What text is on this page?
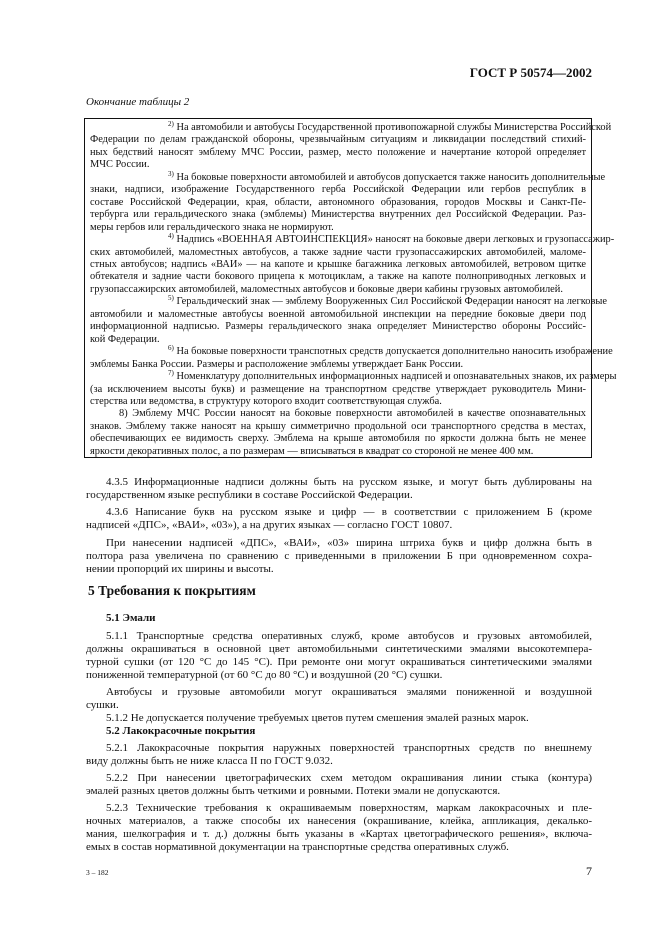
ГОСТ Р 50574—2002
Окончание таблицы 2
$^{2)}$ На автомобили и автобусы Государственной противопожарной службы Министерства Российской
Федерации по делам гражданской обороны, чрезвычайным ситуациям и ликвидации последствий стихий-
ных бедствий наносят эмблему МЧС России, размер, место положение и начертание которой определяет
МЧС России.
$^{3)}$ На боковые поверхности автомобилей и автобусов допускается также наносить дополнительные
знаки, надписи, изображение Государственного герба Российской Федерации или гербов республик в
составе Российской Федерации, края, области, автономного образования, городов Москвы и Санкт-Пе-
тербурга или геральдического знака (эмблемы) Министерства внутренних дел Российской Федерации. Раз-
меры гербов или геральдического знака не нормируют.
$^{4)}$ Надпись «ВОЕННАЯ АВТОИНСПЕКЦИЯ» наносят на боковые двери легковых и грузопассажир-
ских автомобилей, маломестных автобусов, а также задние части грузопассажирских автомобилей, маломе-
стных автобусов; надпись «ВАИ» — на капоте и крышке багажника легковых автомобилей, ветровом щитке
обтекателя и задние части бокового прицепа к мотоциклам, а также на капоте полноприводных легковых и
грузопассажирских автомобилей, маломестных автобусов и боковые двери кабины грузовых автомобилей.
$^{5)}$ Геральдический знак — эмблему Вооруженных Сил Российской Федерации наносят на легковые
автомобили и маломестные автобусы военной автомобильной инспекции на передние боковые двери под
информационной надписью. Размеры геральдического знака определяет Министерство обороны Российс-
кой Федерации.
$^{6)}$ На боковые поверхности транспотных средств допускается дополнительно наносить изображение
эмблемы Банка России. Размеры и расположение эмблемы утверждает Банк России.
$^{7)}$ Номенклатуру дополнительных информационных надписей и опознавательных знаков, их размеры
(за исключением высоты букв) и размещение на транспортном средстве утверждает руководитель Мини-
стерства или ведомства, в структуру которого входит соответствующая служба.
8) Эмблему МЧС России наносят на боковые поверхности автомобилей в качестве опознавательных
знаков. Эмблему также наносят на крышу симметрично продольной оси транспортного средства в местах,
обеспечивающих ее видимость сверху. Эмблема на крыше автомобиля по яркости должна быть не менее
яркости декоративных полос, а по размерам — вписываться в квадрат со стороной не менее 400 мм.
4.3.5 Информационные надписи должны быть на русском языке, и могут быть дублированы на
государственном языке республики в составе Российской Федерации.
4.3.6 Написание букв на русском языке и цифр — в соответствии с приложением Б (кроме
надписей «ДПС», «ВАИ», «03»), а на других языках — согласно ГОСТ 10807.
При нанесении надписей «ДПС», «ВАИ», «03» ширина штриха букв и цифр должна быть в
полтора раза увеличена по сравнению с приведенными в приложении Б при одновременном сохра-
нении пропорций их ширины и высоты.
5 Требования к покрытиям
5.1 Эмали
5.1.1 Транспортные средства оперативных служб, кроме автобусов и грузовых автомобилей,
должны окрашиваться в основной цвет автомобильными синтетическими эмалями высокотемпера-
турной сушки (от 120 °С до 145 °С). При ремонте они могут окрашиваться синтетическими эмалями
пониженной температурной (от 60 °С до 80 °С) и воздушной (20 °С) сушки.
Автобусы и грузовые автомобили могут окрашиваться эмалями пониженной и воздушной
сушки.
5.1.2 Не допускается получение требуемых цветов путем смешения эмалей разных марок.
5.2 Лакокрасочные покрытия
5.2.1 Лакокрасочные покрытия наружных поверхностей транспортных средств по внешнему
виду должны быть не ниже класса II по ГОСТ 9.032.
5.2.2 При нанесении цветографических схем методом окрашивания линии стыка (контура)
эмалей разных цветов должны быть четкими и ровными. Потеки эмали не допускаются.
5.2.3 Технические требования к окрашиваемым поверхностям, маркам лакокрасочных и пле-
ночных материалов, а также способы их нанесения (окрашивание, клейка, аппликация, декалько-
мания, шелкография и т. д.) должны быть указаны в «Картах цветографического решения», включа-
емых в состав нормативной документации на транспортные средства оперативных служб.
3 – 182	7
